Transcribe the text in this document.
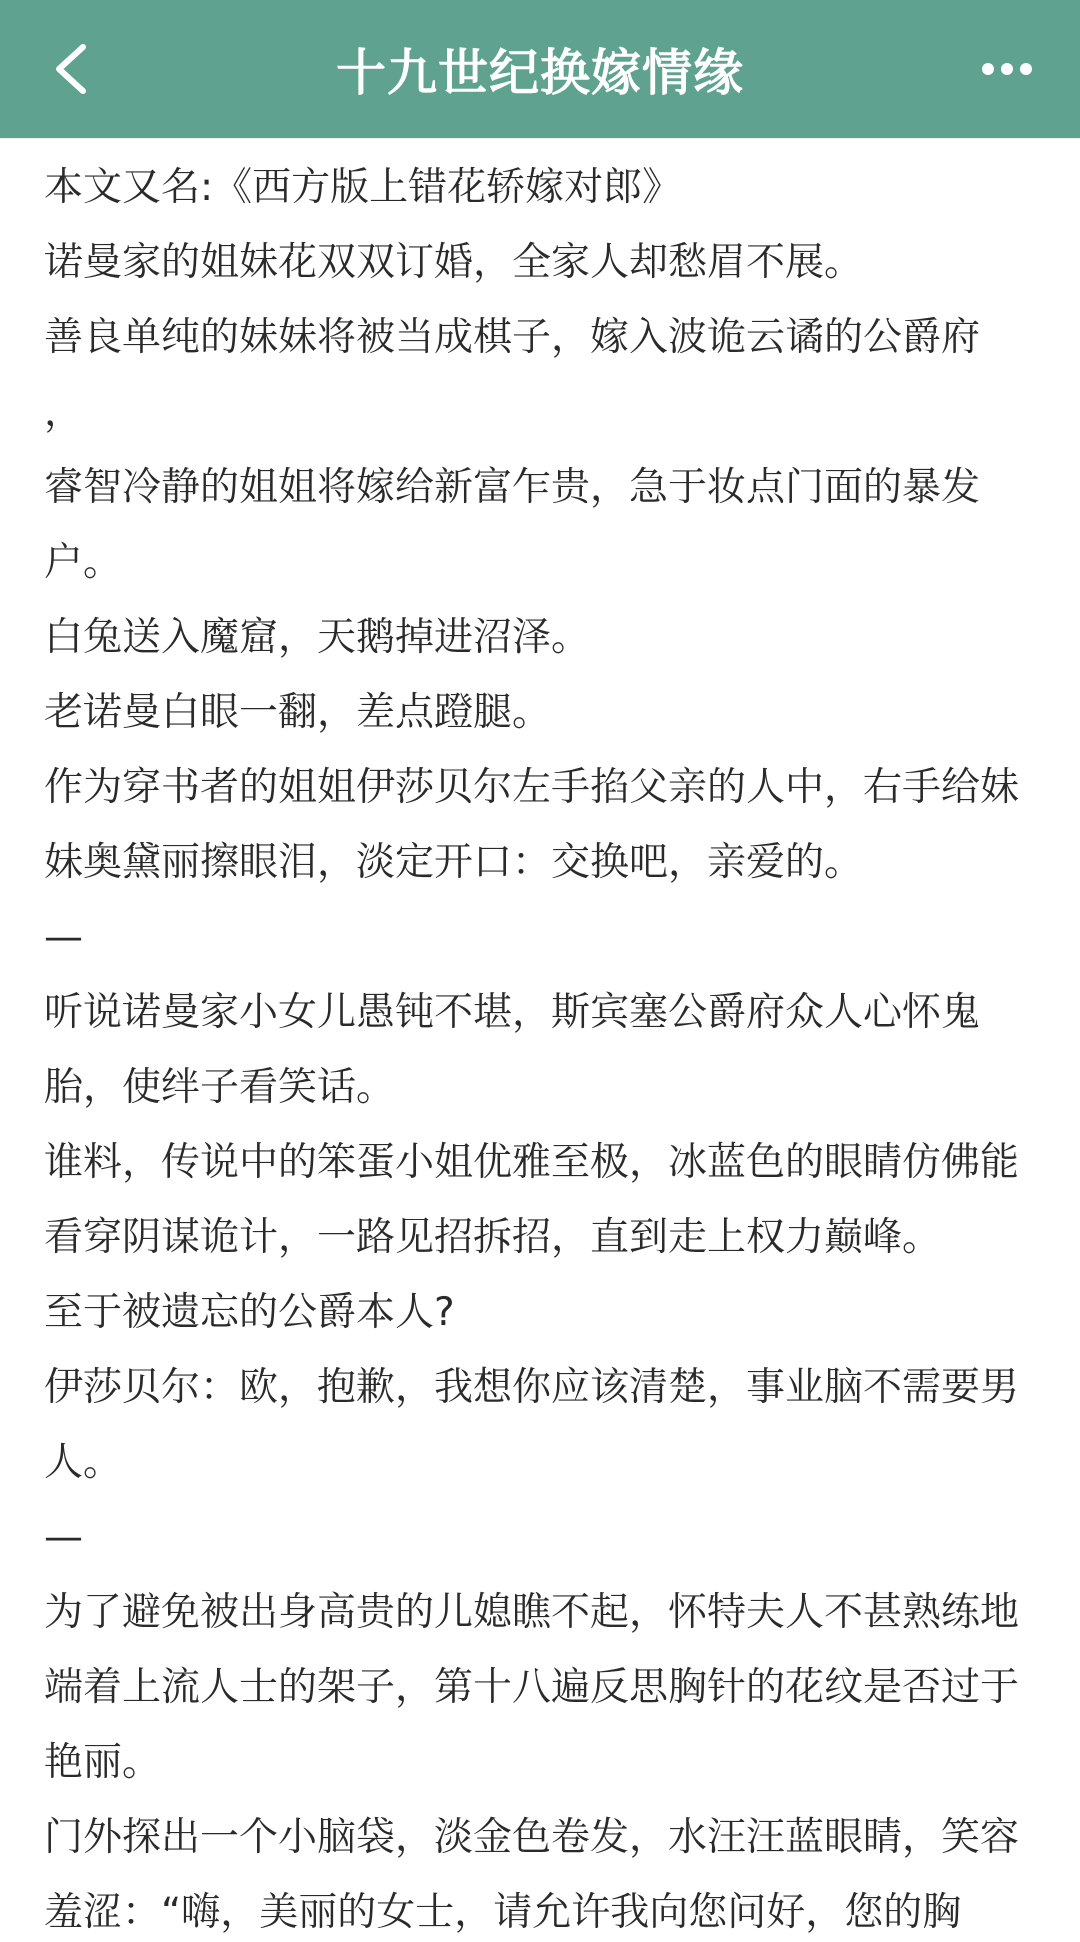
十九世纪换嫁情缘

本文又名:《西方版上错花轿嫁对郎》

诺曼家的姐妹花双双订婚，全家人却愁眉不展。

善良单纯的妹妹将被当成棋子，嫁入波诡云谲的公爵府
，

睿智冷静的姐姐将嫁给新富乍贵，急于妆点门面的暴发户。

白兔送入魔窟，天鹅掉进沼泽。

老诺曼白眼一翻，差点蹬腿。

作为穿书者的姐姐伊莎贝尔左手掐父亲的人中，右手给妹妹奥黛丽擦眼泪，淡定开口：交换吧，亲爱的。

—

听说诺曼家小女儿愚钝不堪，斯宾塞公爵府众人心怀鬼胎，使绊子看笑话。

谁料，传说中的笨蛋小姐优雅至极，冰蓝色的眼睛仿佛能看穿阴谋诡计，一路见招拆招，直到走上权力巅峰。

至于被遗忘的公爵本人?

伊莎贝尔：欧，抱歉，我想你应该清楚，事业脑不需要男人。

—

为了避免被出身高贵的儿媳瞧不起，怀特夫人不甚熟练地端着上流人士的架子，第十八遍反思胸针的花纹是否过于艳丽。

门外探出一个小脑袋，淡金色卷发，水汪汪蓝眼睛，笑容羞涩：“嗨，美丽的女士，请允许我向您问好，您的胸
